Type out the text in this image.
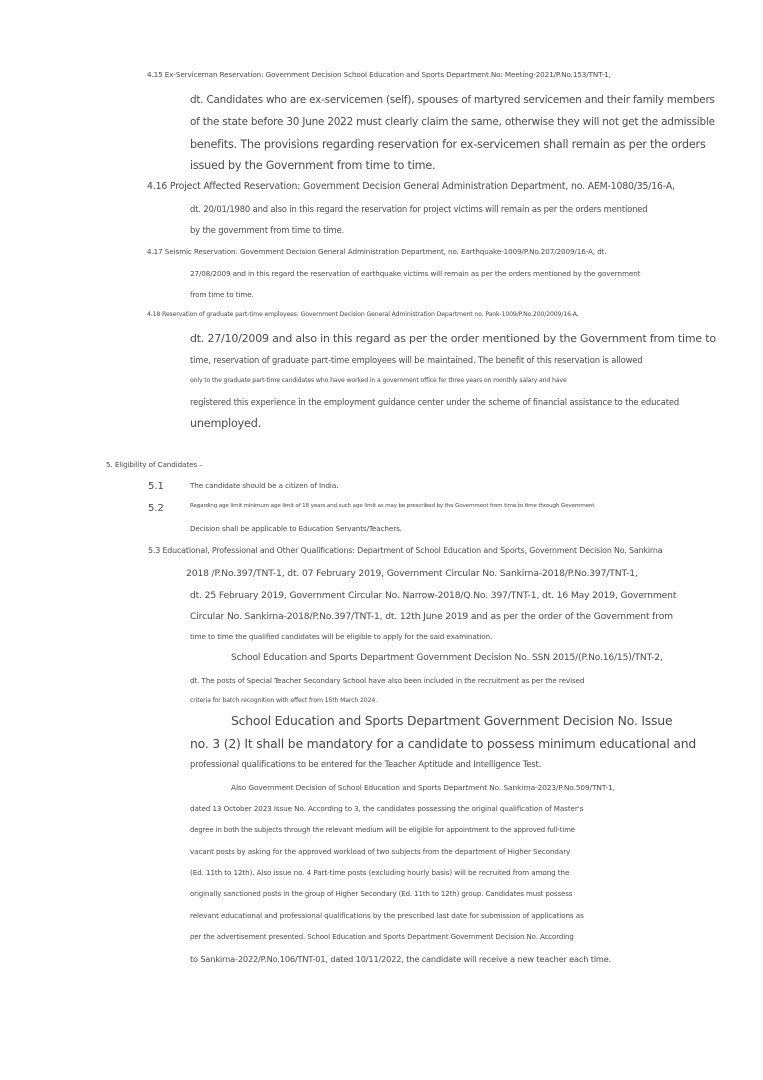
4.15 Ex-Serviceman Reservation: Government Decision School Education and Sports Department No: Meeting-2021/P.No.153/TNT-1,
dt. Candidates who are ex-servicemen (self), spouses of martyred servicemen and their family members
of the state before 30 June 2022 must clearly claim the same, otherwise they will not get the admissible
benefits. The provisions regarding reservation for ex-servicemen shall remain as per the orders
issued by the Government from time to time.
4.16 Project Affected Reservation: Government Decision General Administration Department, no. AEM-1080/35/16-A,
dt. 20/01/1980 and also in this regard the reservation for project victims will remain as per the orders mentioned
by the government from time to time.
4.17 Seismic Reservation: Government Decision General Administration Department, no. Earthquake-1009/P.No.207/2009/16-A, dt.
27/08/2009 and in this regard the reservation of earthquake victims will remain as per the orders mentioned by the government
from time to time.
4.18 Reservation of graduate part-time employees: Government Decision General Administration Department no. Pank-1009/P.No.200/2009/16-A,
dt. 27/10/2009 and also in this regard as per the order mentioned by the Government from time to
time, reservation of graduate part-time employees will be maintained. The benefit of this reservation is allowed
only to the graduate part-time candidates who have worked in a government office for three years on monthly salary and have
registered this experience in the employment guidance center under the scheme of financial assistance to the educated
unemployed.
5. Eligibility of Candidates –
5.1	The candidate should be a citizen of India.
5.2	Regarding age limit minimum age limit of 18 years and such age limit as may be prescribed by the Government from time to time through Government
Decision shall be applicable to Education Servants/Teachers.
5.3 Educational, Professional and Other Qualifications: Department of School Education and Sports, Government Decision No. Sankirna
2018 /P.No.397/TNT-1, dt. 07 February 2019, Government Circular No. Sankirna-2018/P.No.397/TNT-1,
dt. 25 February 2019, Government Circular No. Narrow-2018/Q.No. 397/TNT-1, dt. 16 May 2019, Government
Circular No. Sankirna-2018/P.No.397/TNT-1, dt. 12th June 2019 and as per the order of the Government from
time to time the qualified candidates will be eligible to apply for the said examination.
School Education and Sports Department Government Decision No. SSN 2015/(P.No.16/15)/TNT-2,
dt. The posts of Special Teacher Secondary School have also been included in the recruitment as per the revised
criteria for batch recognition with effect from 15th March 2024.
School Education and Sports Department Government Decision No. Issue
no. 3 (2) It shall be mandatory for a candidate to possess minimum educational and
professional qualifications to be entered for the Teacher Aptitude and Intelligence Test.
Also Government Decision of School Education and Sports Department No. Sankirna-2023/P.No.509/TNT-1,
dated 13 October 2023 Issue No. According to 3, the candidates possessing the original qualification of Master's
degree in both the subjects through the relevant medium will be eligible for appointment to the approved full-time
vacant posts by asking for the approved workload of two subjects from the department of Higher Secondary
(Ed. 11th to 12th). Also issue no. 4 Part-time posts (excluding hourly basis) will be recruited from among the
originally sanctioned posts in the group of Higher Secondary (Ed. 11th to 12th) group. Candidates must possess
relevant educational and professional qualifications by the prescribed last date for submission of applications as
per the advertisement presented. School Education and Sports Department Government Decision No. According
to Sankirna-2022/P.No.106/TNT-01, dated 10/11/2022, the candidate will receive a new teacher each time.
